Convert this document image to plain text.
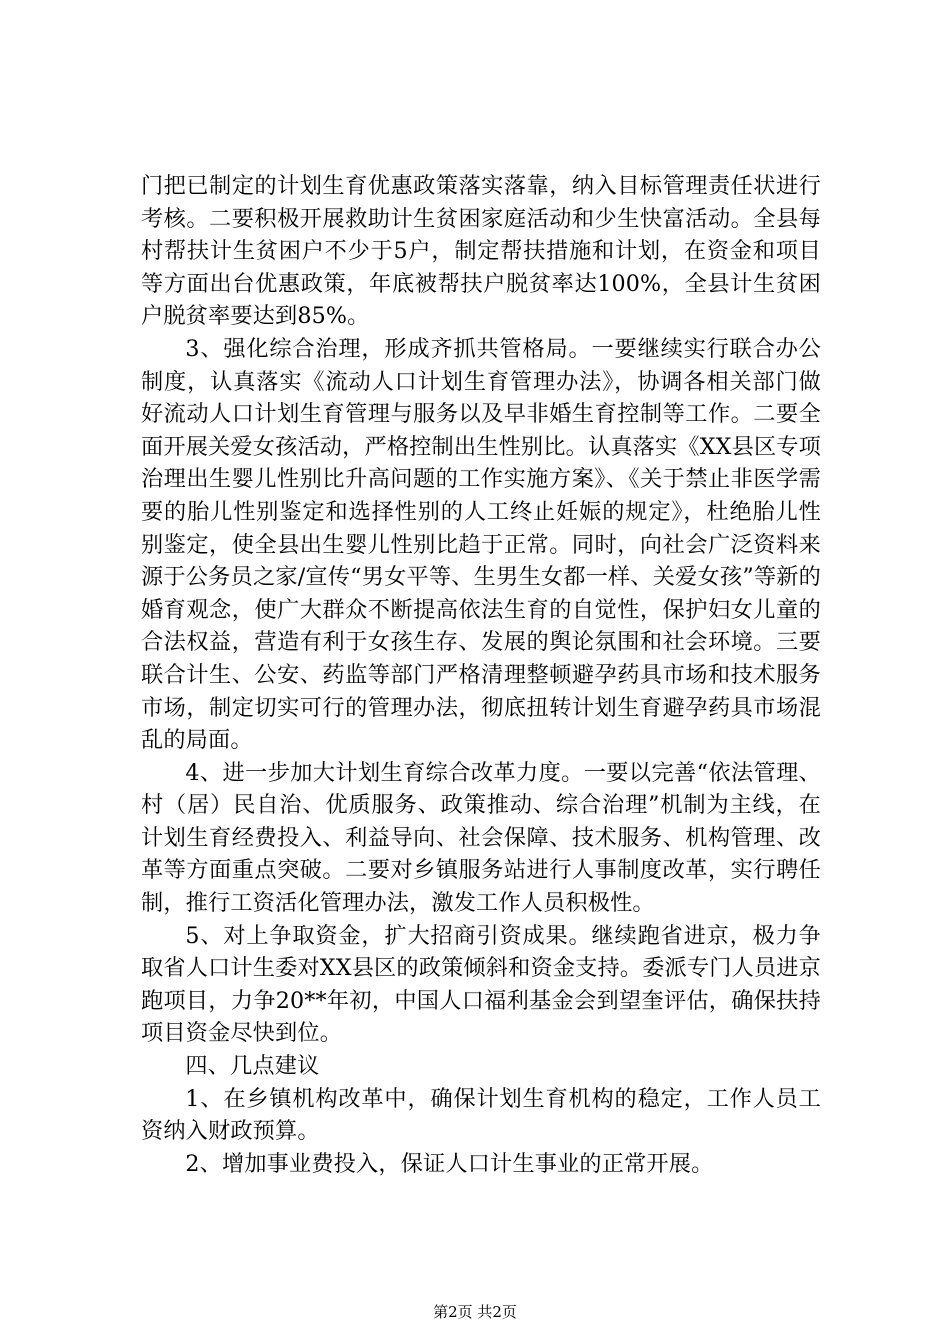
门把已制定的计划生育优惠政策落实落靠，纳入目标管理责任状进行考核。二要积极开展救助计生贫困家庭活动和少生快富活动。全县每村帮扶计生贫困户不少于5户，制定帮扶措施和计划，在资金和项目等方面出台优惠政策，年底被帮扶户脱贫率达100%，全县计生贫困户脱贫率要达到85%。

3、强化综合治理，形成齐抓共管格局。一要继续实行联合办公制度，认真落实《流动人口计划生育管理办法》，协调各相关部门做好流动人口计划生育管理与服务以及早非婚生育控制等工作。二要全面开展关爱女孩活动，严格控制出生性别比。认真落实《XX县区专项治理出生婴儿性别比升高问题的工作实施方案》、《关于禁止非医学需要的胎儿性别鉴定和选择性别的人工终止妊娠的规定》，杜绝胎儿性别鉴定，使全县出生婴儿性别比趋于正常。同时，向社会广泛资料来源于公务员之家/宣传“男女平等、生男生女都一样、关爱女孩”等新的婚育观念，使广大群众不断提高依法生育的自觉性，保护妇女儿童的合法权益，营造有利于女孩生存、发展的舆论氛围和社会环境。三要联合计生、公安、药监等部门严格清理整顿避孕药具市场和技术服务市场，制定切实可行的管理办法，彻底扭转计划生育避孕药具市场混乱的局面。

4、进一步加大计划生育综合改革力度。一要以完善“依法管理、村（居）民自治、优质服务、政策推动、综合治理”机制为主线，在计划生育经费投入、利益导向、社会保障、技术服务、机构管理、改革等方面重点突破。二要对乡镇服务站进行人事制度改革，实行聘任制，推行工资活化管理办法，激发工作人员积极性。

5、对上争取资金，扩大招商引资成果。继续跑省进京，极力争取省人口计生委对XX县区的政策倾斜和资金支持。委派专门人员进京跑项目，力争20**年初，中国人口福利基金会到望奎评估，确保扶持项目资金尽快到位。

四、几点建议

1、在乡镇机构改革中，确保计划生育机构的稳定，工作人员工资纳入财政预算。

2、增加事业费投入，保证人口计生事业的正常开展。

第2页 共2页
